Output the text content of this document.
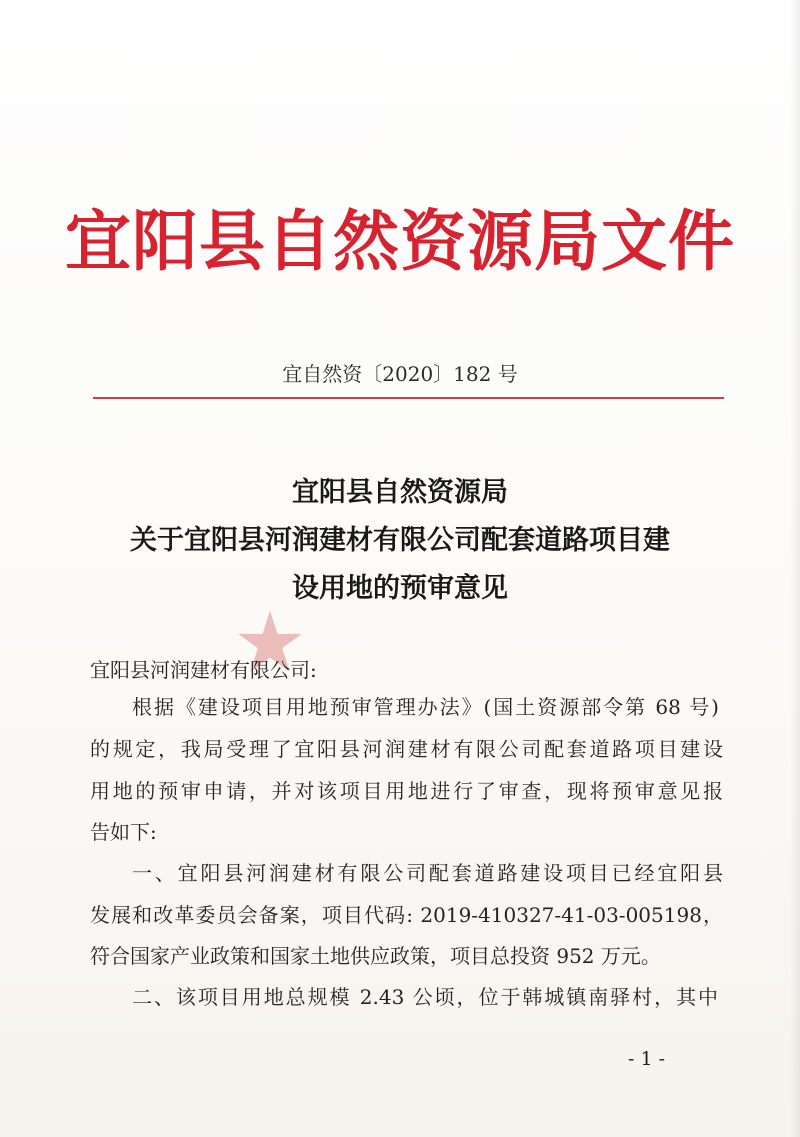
宜阳县自然资源局文件
宜自然资〔2020〕182 号
宜阳县自然资源局
关于宜阳县河润建材有限公司配套道路项目建
设用地的预审意见
宜阳县河润建材有限公司:
根据《建设项目用地预审管理办法》(国土资源部令第 68 号)
的规定，我局受理了宜阳县河润建材有限公司配套道路项目建设
用地的预审申请，并对该项目用地进行了审查，现将预审意见报
告如下:
一、宜阳县河润建材有限公司配套道路建设项目已经宜阳县
发展和改革委员会备案，项目代码: 2019-410327-41-03-005198，
符合国家产业政策和国家土地供应政策，项目总投资 952 万元。
二、该项目用地总规模 2.43 公顷，位于韩城镇南驿村，其中
- 1 -
